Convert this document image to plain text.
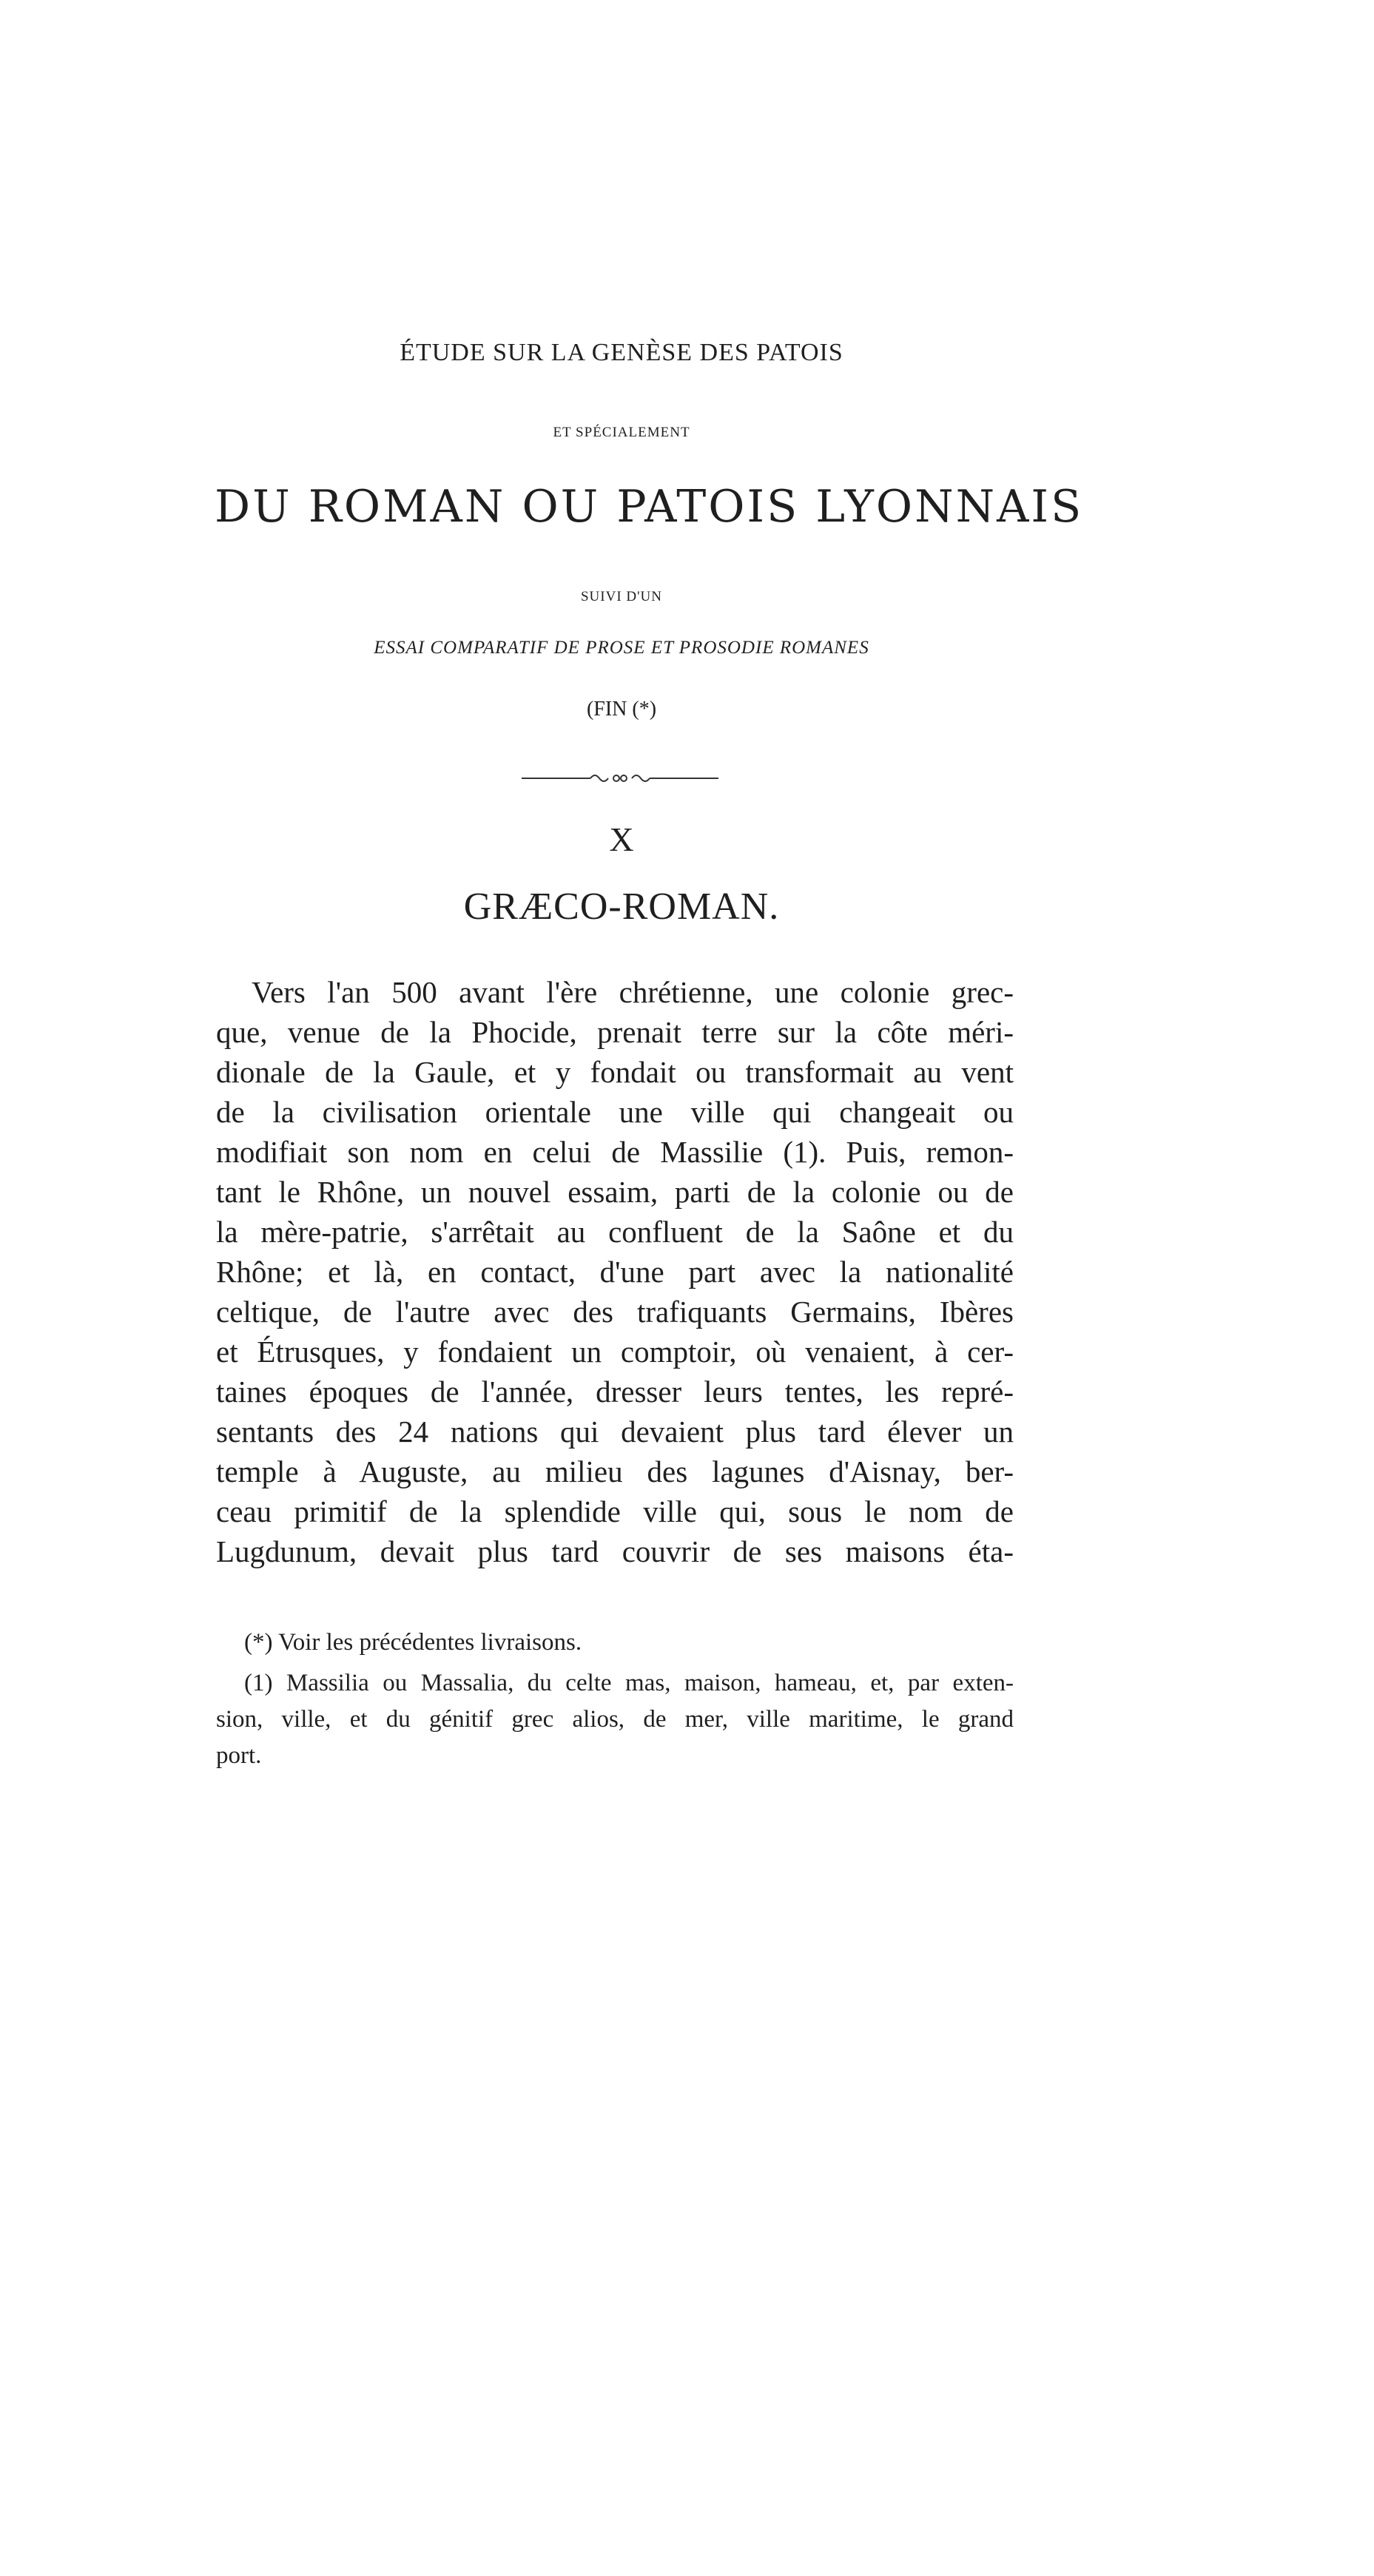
ÉTUDE SUR LA GENÈSE DES PATOIS
ET SPÉCIALEMENT
DU ROMAN OU PATOIS LYONNAIS
SUIVI D'UN
ESSAI COMPARATIF DE PROSE ET PROSODIE ROMANES
(FIN (*)
X
GRÆCO-ROMAN.
Vers l'an 500 avant l'ère chrétienne, une colonie grec-
que, venue de la Phocide, prenait terre sur la côte méri-
dionale de la Gaule, et y fondait ou transformait au vent
de la civilisation orientale une ville qui changeait ou
modifiait son nom en celui de Massilie (1). Puis, remon-
tant le Rhône, un nouvel essaim, parti de la colonie ou de
la mère-patrie, s'arrêtait au confluent de la Saône et du
Rhône; et là, en contact, d'une part avec la nationalité
celtique, de l'autre avec des trafiquants Germains, Ibères
et Étrusques, y fondaient un comptoir, où venaient, à cer-
taines époques de l'année, dresser leurs tentes, les repré-
sentants des 24 nations qui devaient plus tard élever un
temple à Auguste, au milieu des lagunes d'Aisnay, ber-
ceau primitif de la splendide ville qui, sous le nom de
Lugdunum, devait plus tard couvrir de ses maisons éta-
(*) Voir les précédentes livraisons.
(1) Massilia ou Massalia, du celte mas, maison, hameau, et, par exten-
sion, ville, et du génitif grec alios, de mer, ville maritime, le grand
port.
